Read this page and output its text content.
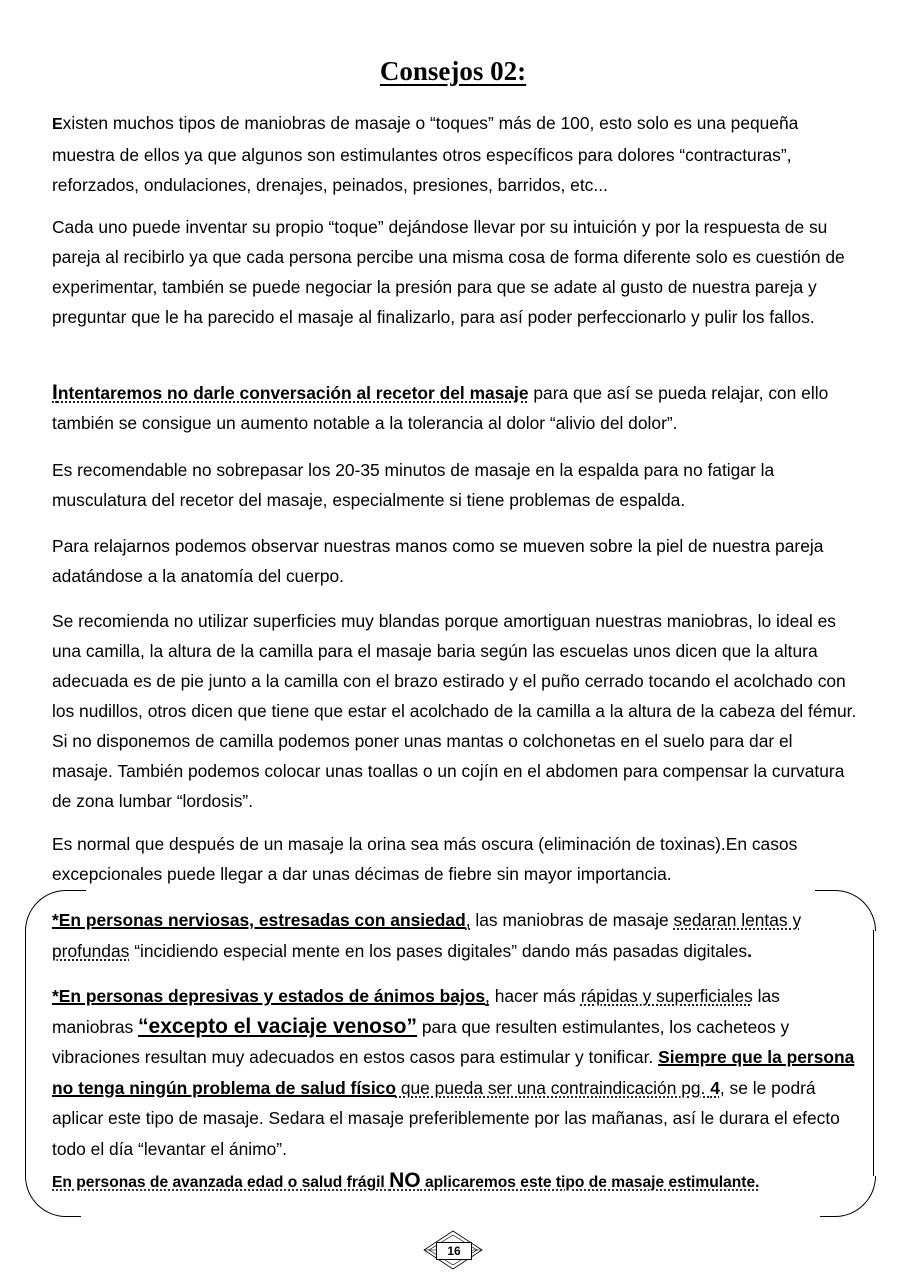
Consejos 02:

Existen muchos tipos de maniobras de masaje o “toques” más de 100, esto solo es una pequeña muestra de ellos ya que algunos son estimulantes otros específicos para dolores “contracturas”, reforzados, ondulaciones, drenajes, peinados, presiones, barridos, etc...

Cada uno puede inventar su propio “toque” dejándose llevar por su intuición y por la respuesta de su pareja al recibirlo ya que cada persona percibe una misma cosa de forma diferente solo es cuestión de experimentar, también se puede negociar la presión para que se adate al gusto de nuestra pareja y preguntar que le ha parecido el masaje al finalizarlo, para así poder perfeccionarlo y pulir los fallos.

Intentaremos no darle conversación al recetor del masaje para que así se pueda relajar, con ello también se consigue un aumento notable a la tolerancia al dolor “alivio del dolor”.

Es recomendable no sobrepasar los 20-35 minutos de masaje en la espalda para no fatigar la musculatura del recetor del masaje, especialmente si tiene problemas de espalda.

Para relajarnos podemos observar nuestras manos como se mueven sobre la piel de nuestra pareja adatándose a la anatomía del cuerpo.

Se recomienda no utilizar superficies muy blandas porque amortiguan nuestras maniobras, lo ideal es una camilla, la altura de la camilla para el masaje baria según las escuelas unos dicen que la altura adecuada es de pie junto a la camilla con el brazo estirado y el puño cerrado tocando el acolchado con los nudillos, otros dicen que tiene que estar el acolchado de la camilla a la altura de la cabeza del fémur. Si no disponemos de camilla podemos poner unas mantas o colchonetas en el suelo para dar el masaje. También podemos colocar unas toallas o un cojín en el abdomen para compensar la curvatura de zona lumbar “lordosis”.

Es normal que después de un masaje la orina sea más oscura (eliminación de toxinas).En casos excepcionales puede llegar a dar unas décimas de fiebre sin mayor importancia.

*En personas nerviosas, estresadas con ansiedad, las maniobras de masaje sedaran lentas y profundas “incidiendo especial mente en los pases digitales” dando más pasadas digitales.

*En personas depresivas y estados de ánimos bajos, hacer más rápidas y superficiales las maniobras “excepto el vaciaje venoso” para que resulten estimulantes, los cacheteos y vibraciones resultan muy adecuados en estos casos para estimular y tonificar. Siempre que la persona no tenga ningún problema de salud físico que pueda ser una contraindicación pg. 4, se le podrá aplicar este tipo de masaje. Sedara el masaje preferiblemente por las mañanas, así le durara el efecto todo el día “levantar el ánimo”.

En personas de avanzada edad o salud frágil NO aplicaremos este tipo de masaje estimulante.

16
